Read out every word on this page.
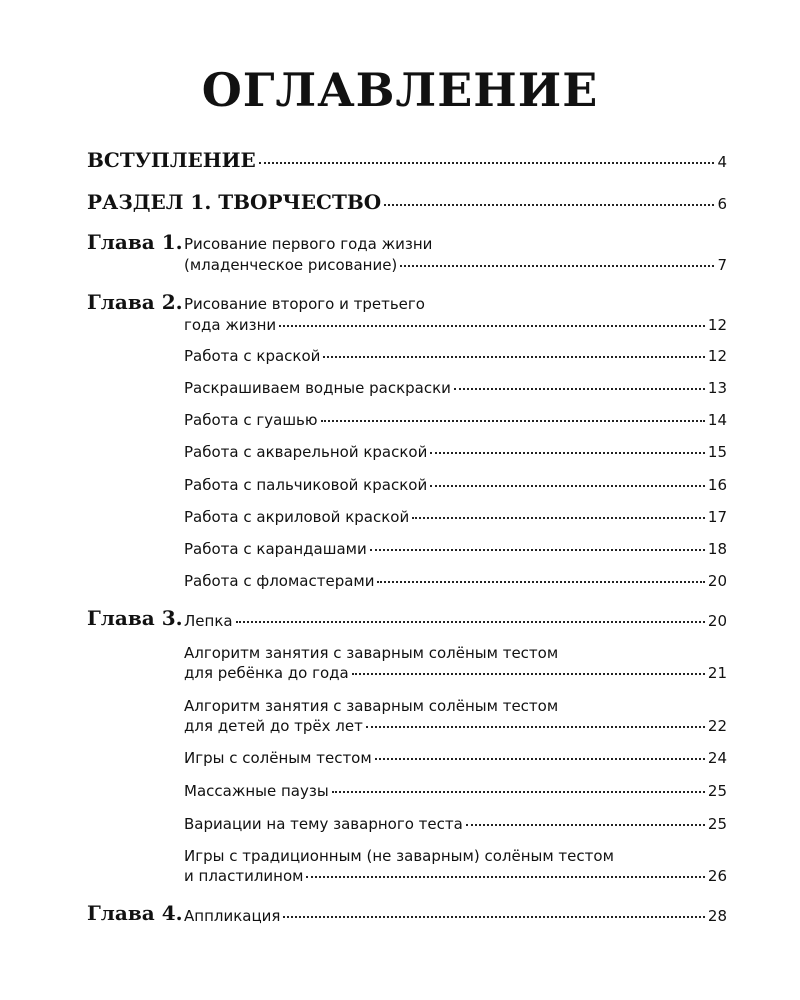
ОГЛАВЛЕНИЕ
ВСТУПЛЕНИЕ	4
РАЗДЕЛ 1. ТВОРЧЕСТВО	6
Глава 1. Рисование первого года жизни
(младенческое рисование)	7
Глава 2. Рисование второго и третьего
года жизни	12
Работа с краской	12
Раскрашиваем водные раскраски	13
Работа с гуашью	14
Работа с акварельной краской	15
Работа с пальчиковой краской	16
Работа с акриловой краской	17
Работа с карандашами	18
Работа с фломастерами	20
Глава 3. Лепка	20
Алгоритм занятия с заварным солёным тестом
для ребёнка до года	21
Алгоритм занятия с заварным солёным тестом
для детей до трёх лет	22
Игры с солёным тестом	24
Массажные паузы	25
Вариации на тему заварного теста	25
Игры с традиционным (не заварным) солёным тестом
и пластилином	26
Глава 4. Аппликация	28
